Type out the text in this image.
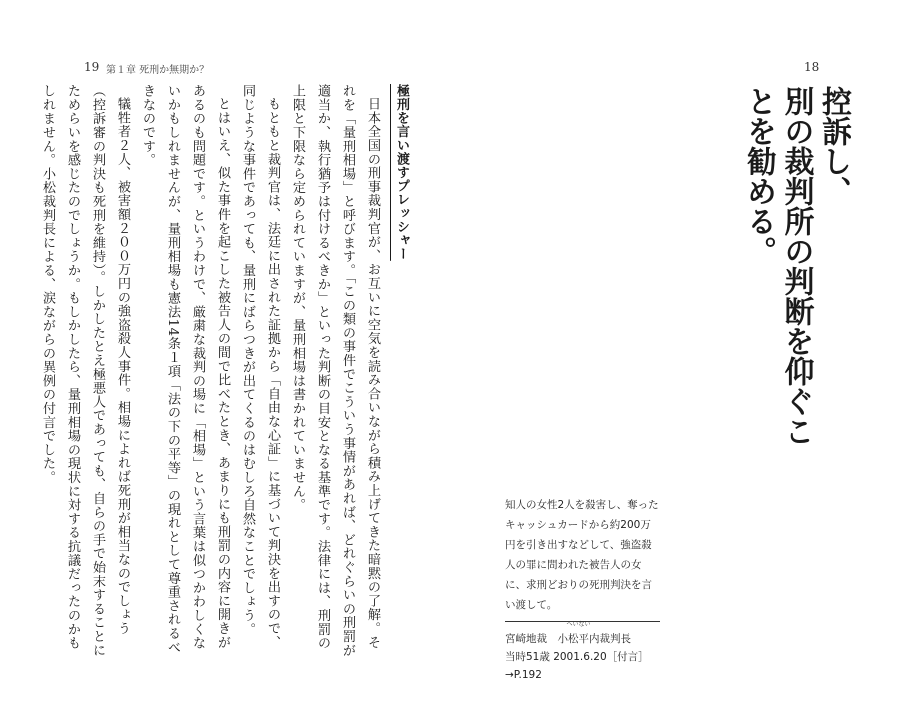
19 第１章 死刑か無期か？	18
控訴し、
別の裁判所の判断を仰ぐことを勧める。
極刑を言い渡すプレッシャー

日本全国の刑事裁判官が、お互いに空気を読み合いながら積み上げてきた暗黙の了解。それを「量刑相場」と呼びます。「この類の事件でこういう事情があれば、どれぐらいの刑罰が適当か、執行猶予は付けるべきか」といった判断の目安となる基準です。法律には、刑罰の上限と下限なら定められていますが、量刑相場は書かれていません。

もともと裁判官は、法廷に出された証拠から「自由な心証」に基づいて判決を出すので、同じような事件であっても、量刑にばらつきが出てくるのはむしろ自然なことでしょう。

とはいえ、似た事件を起こした被告人の間で比べたとき、あまりにも刑罰の内容に開きがあるのも問題です。というわけで、厳粛な裁判の場に「相場」という言葉は似つかわしくないかもしれませんが、量刑相場も憲法14条１項「法の下の平等」の現れとして尊重されるべきなのです。

犠牲者２人、被害額２００万円の強盗殺人事件。相場によれば死刑が相当なのでしょう（控訴審の判決も死刑を維持）。しかしたとえ極悪人であっても、自らの手で始末することにためらいを感じたのでしょうか。もしかしたら、量刑相場の現状に対する抗議だったのかもしれません。小松裁判長による、涙ながらの異例の付言でした。

知人の女性2人を殺害し、奪ったキャッシュカードから約200万円を引き出すなどして、強盗殺人の罪に問われた被告人の女に、求刑どおりの死刑判決を言い渡して。
宮崎地裁　
へいない
小松平内裁判長
当時51歳 2001.6.20［付言］
→P.192
